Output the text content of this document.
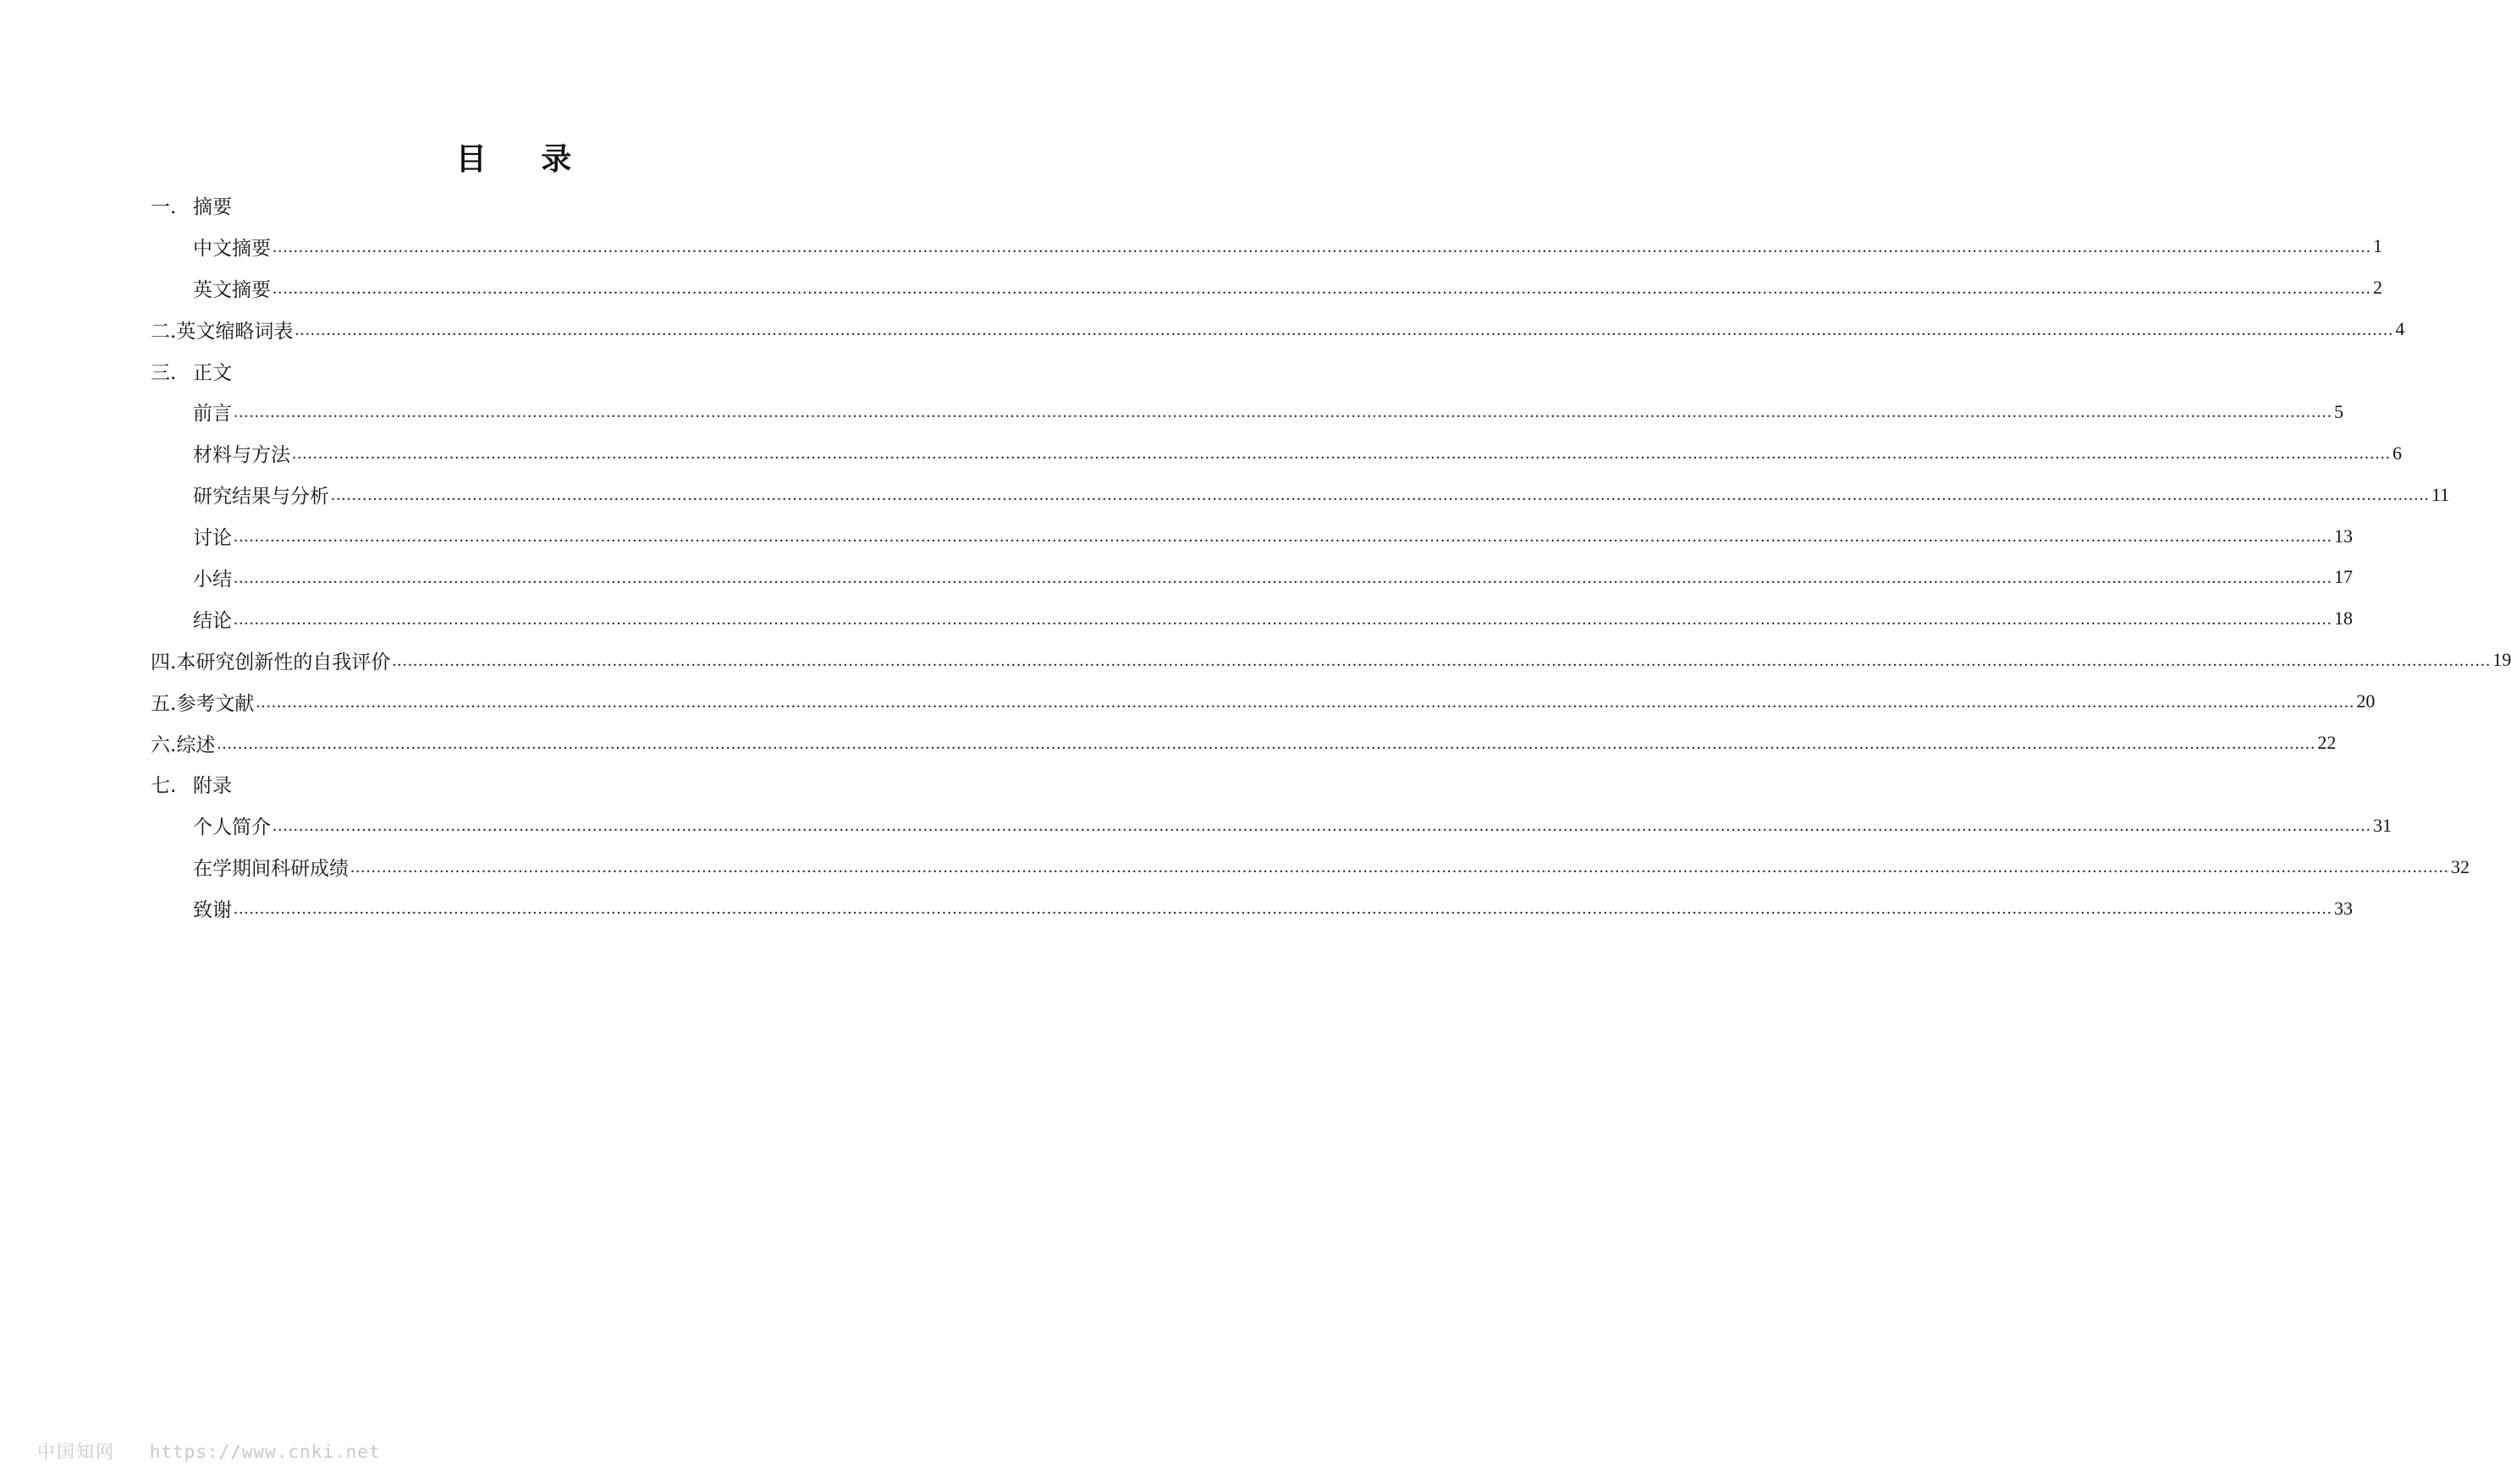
目 录
一. 摘要
中文摘要 ................................................................................................................................................................................................................................................................................................................................................................................................................ 1
英文摘要 ................................................................................................................................................................................................................................................................................................................................................................................................................ 2
二. 英文缩略词表 ................................................................................................................................................................................................................................................................................................................................................................................................................ 4
三. 正文
前言 ................................................................................................................................................................................................................................................................................................................................................................................................................ 5
材料与方法 ................................................................................................................................................................................................................................................................................................................................................................................................................ 6
研究结果与分析 ................................................................................................................................................................................................................................................................................................................................................................................................................ 11
讨论 ................................................................................................................................................................................................................................................................................................................................................................................................................ 13
小结 ................................................................................................................................................................................................................................................................................................................................................................................................................ 17
结论 ................................................................................................................................................................................................................................................................................................................................................................................................................ 18
四. 本研究创新性的自我评价 ................................................................................................................................................................................................................................................................................................................................................................................................................ 19
五. 参考文献 ................................................................................................................................................................................................................................................................................................................................................................................................................ 20
六. 综述 ................................................................................................................................................................................................................................................................................................................................................................................................................ 22
七. 附录
个人简介 ................................................................................................................................................................................................................................................................................................................................................................................................................ 31
在学期间科研成绩 ................................................................................................................................................................................................................................................................................................................................................................................................................ 32
致谢 ................................................................................................................................................................................................................................................................................................................................................................................................................ 33
中国知网 https://www.cnki.net
